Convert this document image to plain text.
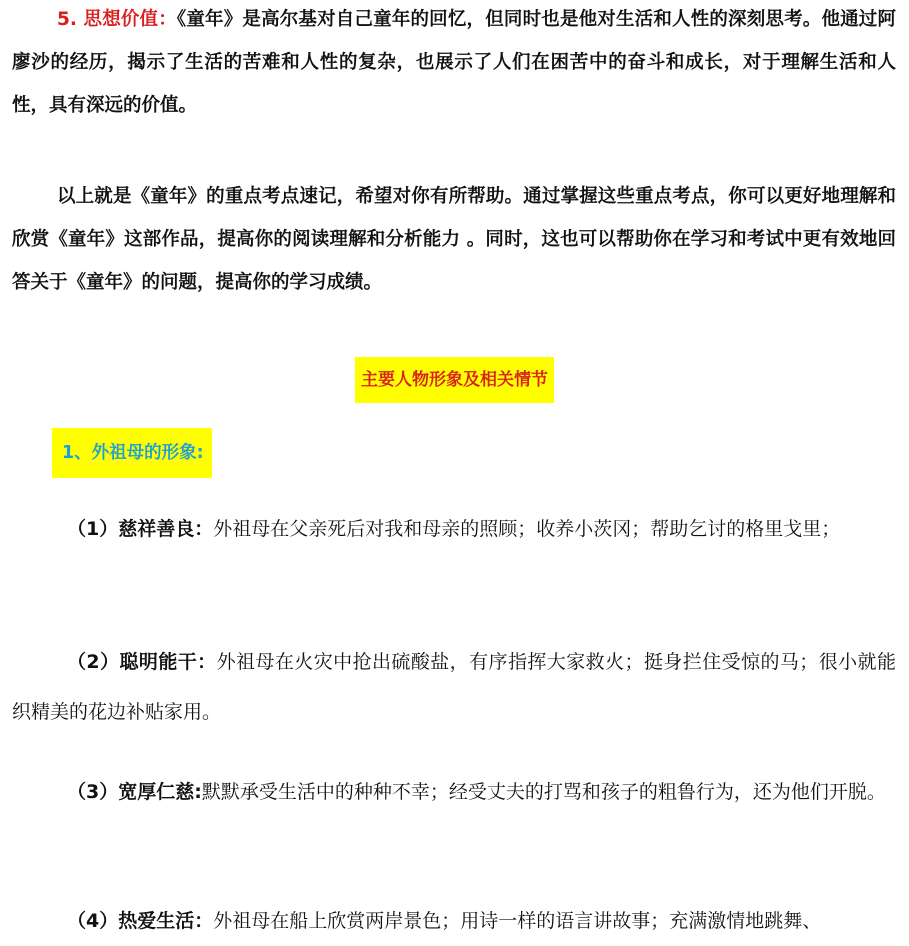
5. 思想价值：《童年》是高尔基对自己童年的回忆，但同时也是他对生活和人性的深刻思考。他通过阿廖沙的经历，揭示了生活的苦难和人性的复杂，也展示了人们在困苦中的奋斗和成长，对于理解生活和人性，具有深远的价值。

以上就是《童年》的重点考点速记，希望对你有所帮助。通过掌握这些重点考点，你可以更好地理解和欣赏《童年》这部作品，提高你的阅读理解和分析能力 。同时，这也可以帮助你在学习和考试中更有效地回答关于《童年》的问题，提高你的学习成绩。

主要人物形象及相关情节
1、外祖母的形象:

（1）慈祥善良：外祖母在父亲死后对我和母亲的照顾；收养小茨冈；帮助乞讨的格里戈里；

（2）聪明能干：外祖母在火灾中抢出硫酸盐，有序指挥大家救火；挺身拦住受惊的马；很小就能织精美的花边补贴家用。

（3）宽厚仁慈:默默承受生活中的种种不幸；经受丈夫的打骂和孩子的粗鲁行为，还为他们开脱。

（4）热爱生活：外祖母在船上欣赏两岸景色；用诗一样的语言讲故事；充满激情地跳舞、
